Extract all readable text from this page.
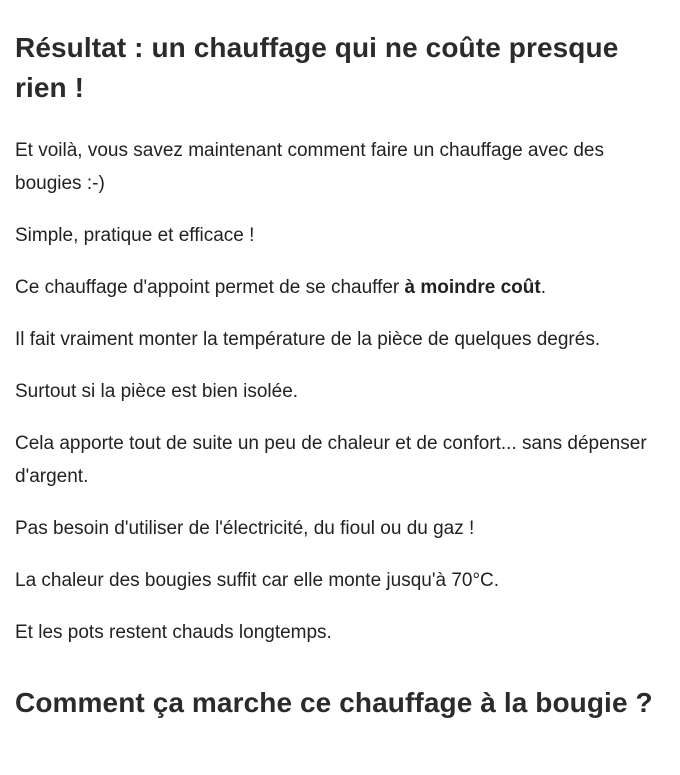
Résultat : un chauffage qui ne coûte presque rien !

Et voilà, vous savez maintenant comment faire un chauffage avec des bougies :-)

Simple, pratique et efficace !

Ce chauffage d'appoint permet de se chauffer à moindre coût.

Il fait vraiment monter la température de la pièce de quelques degrés.

Surtout si la pièce est bien isolée.

Cela apporte tout de suite un peu de chaleur et de confort... sans dépenser d'argent.

Pas besoin d'utiliser de l'électricité, du fioul ou du gaz !

La chaleur des bougies suffit car elle monte jusqu'à 70°C.

Et les pots restent chauds longtemps.

Comment ça marche ce chauffage à la bougie ?
